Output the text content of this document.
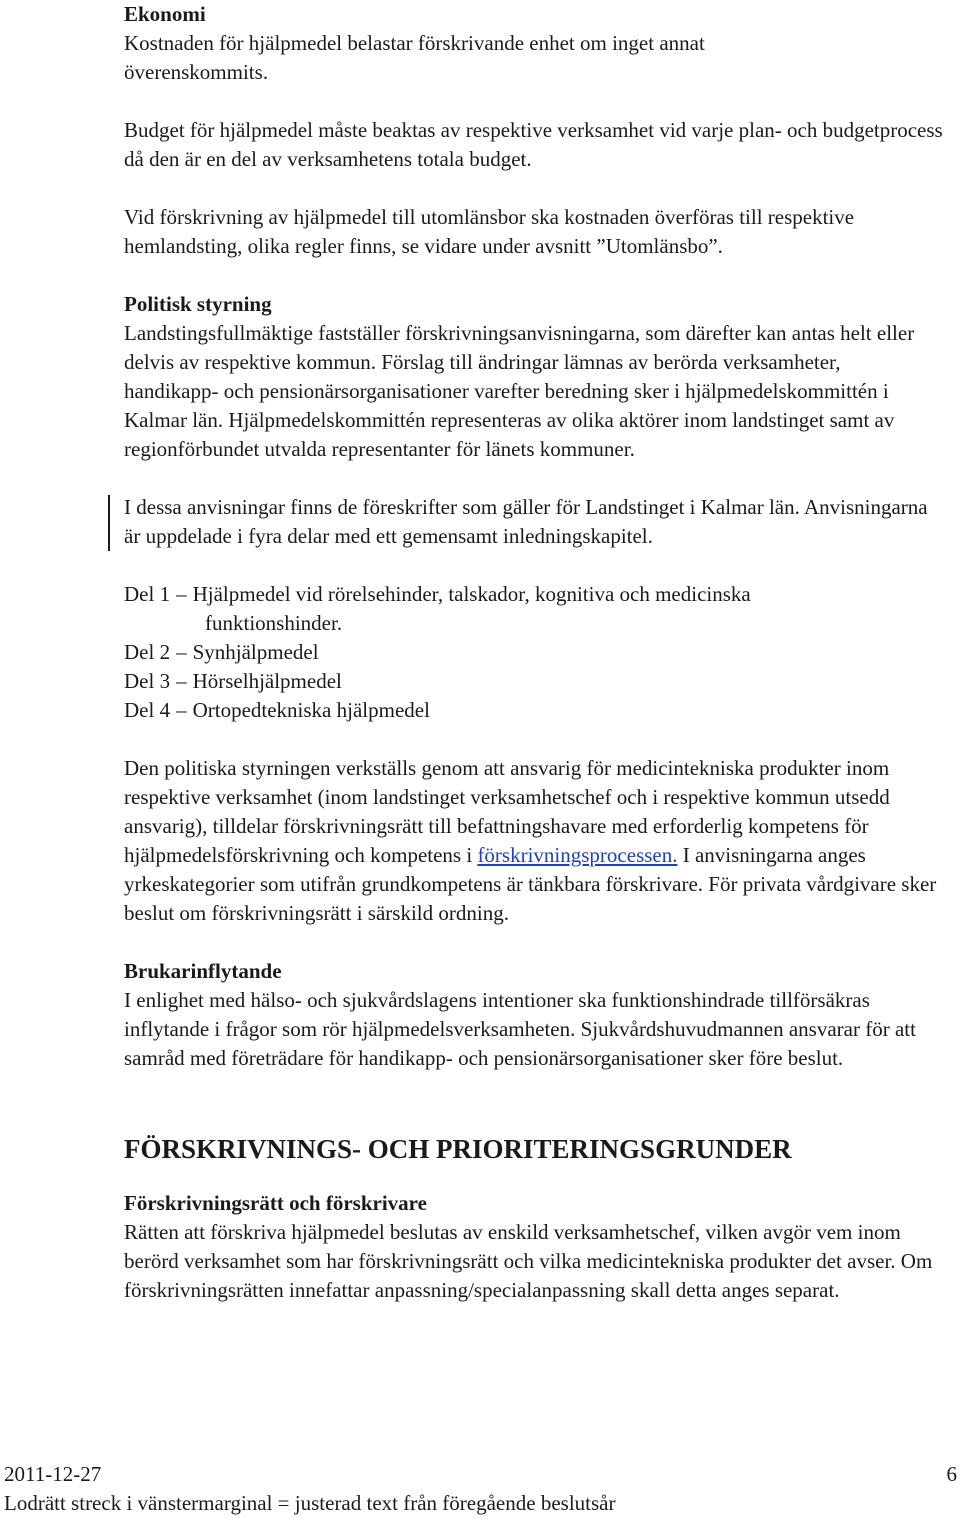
Ekonomi

Kostnaden för hjälpmedel belastar förskrivande enhet om inget annat överenskommits.

Budget för hjälpmedel måste beaktas av respektive verksamhet vid varje plan- och budgetprocess då den är en del av verksamhetens totala budget.

Vid förskrivning av hjälpmedel till utomlänsbor ska kostnaden överföras till respektive hemlandsting, olika regler finns, se vidare under avsnitt ”Utomlänsbo”.

Politisk styrning

Landstingsfullmäktige fastställer förskrivningsanvisningarna, som därefter kan antas helt eller delvis av respektive kommun. Förslag till ändringar lämnas av berörda verksamheter, handikapp- och pensionärsorganisationer varefter beredning sker i hjälpmedelskommittén i Kalmar län. Hjälpmedelskommittén representeras av olika aktörer inom landstinget samt av regionförbundet utvalda representanter för länets kommuner.

I dessa anvisningar finns de föreskrifter som gäller för Landstinget i Kalmar län. Anvisningarna är uppdelade i fyra delar med ett gemensamt inledningskapitel.

Del 1 – Hjälpmedel vid rörelsehinder, talskador, kognitiva och medicinska
funktionshinder.
Del 2 – Synhjälpmedel
Del 3 – Hörselhjälpmedel
Del 4 – Ortopedtekniska hjälpmedel

Den politiska styrningen verkställs genom att ansvarig för medicintekniska produkter inom respektive verksamhet (inom landstinget verksamhetschef och i respektive kommun utsedd ansvarig), tilldelar förskrivningsrätt till befattningshavare med erforderlig kompetens för hjälpmedelsförskrivning och kompetens i förskrivningsprocessen. I anvisningarna anges yrkeskategorier som utifrån grundkompetens är tänkbara förskrivare. För privata vårdgivare sker beslut om förskrivningsrätt i särskild ordning.

Brukarinflytande

I enlighet med hälso- och sjukvårdslagens intentioner ska funktionshindrade tillförsäkras inflytande i frågor som rör hjälpmedelsverksamheten. Sjukvårdshuvudmannen ansvarar för att samråd med företrädare för handikapp- och pensionärsorganisationer sker före beslut.

FÖRSKRIVNINGS- OCH PRIORITERINGSGRUNDER

Förskrivningsrätt och förskrivare

Rätten att förskriva hjälpmedel beslutas av enskild verksamhetschef, vilken avgör vem inom berörd verksamhet som har förskrivningsrätt och vilka medicintekniska produkter det avser. Om förskrivningsrätten innefattar anpassning/specialanpassning skall detta anges separat.

2011-12-27	6
Lodrätt streck i vänstermarginal = justerad text från föregående beslutsår
